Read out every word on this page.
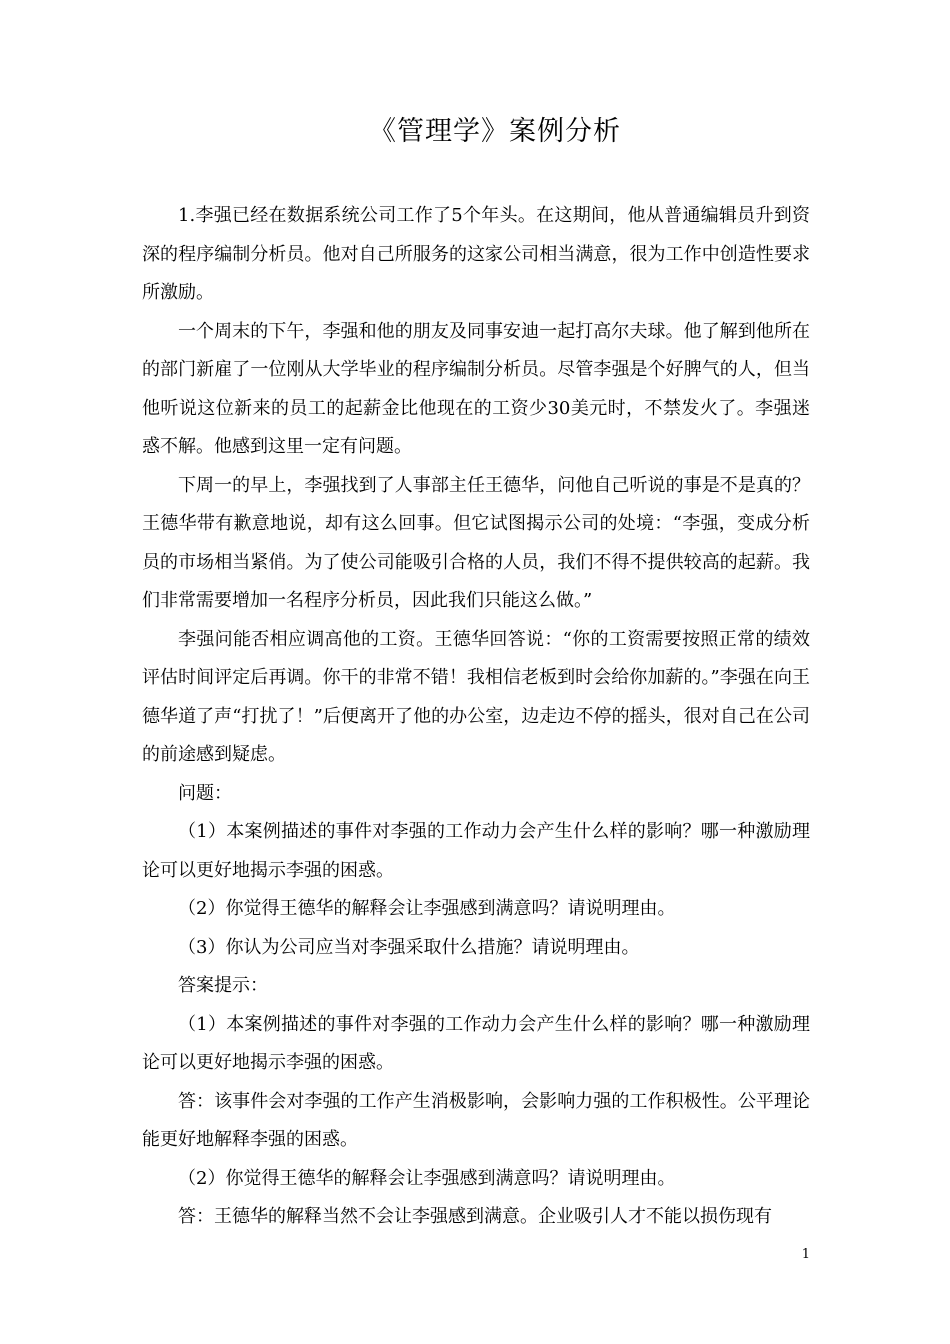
《管理学》案例分析

1.李强已经在数据系统公司工作了5个年头。在这期间，他从普通编辑员升到资深的程序编制分析员。他对自己所服务的这家公司相当满意，很为工作中创造性要求所激励。

一个周末的下午，李强和他的朋友及同事安迪一起打高尔夫球。他了解到他所在的部门新雇了一位刚从大学毕业的程序编制分析员。尽管李强是个好脾气的人，但当他听说这位新来的员工的起薪金比他现在的工资少30美元时，不禁发火了。李强迷惑不解。他感到这里一定有问题。

下周一的早上，李强找到了人事部主任王德华，问他自己听说的事是不是真的？王德华带有歉意地说，却有这么回事。但它试图揭示公司的处境：“李强，变成分析员的市场相当紧俏。为了使公司能吸引合格的人员，我们不得不提供较高的起薪。我们非常需要增加一名程序分析员，因此我们只能这么做。”

李强问能否相应调高他的工资。王德华回答说：“你的工资需要按照正常的绩效评估时间评定后再调。你干的非常不错！我相信老板到时会给你加薪的。”李强在向王德华道了声“打扰了！”后便离开了他的办公室，边走边不停的摇头，很对自己在公司的前途感到疑虑。

问题：

（1）本案例描述的事件对李强的工作动力会产生什么样的影响？哪一种激励理论可以更好地揭示李强的困惑。

（2）你觉得王德华的解释会让李强感到满意吗？请说明理由。

（3）你认为公司应当对李强采取什么措施？请说明理由。

答案提示：

（1）本案例描述的事件对李强的工作动力会产生什么样的影响？哪一种激励理论可以更好地揭示李强的困惑。

答：该事件会对李强的工作产生消极影响，会影响力强的工作积极性。公平理论能更好地解释李强的困惑。

（2）你觉得王德华的解释会让李强感到满意吗？请说明理由。

答：王德华的解释当然不会让李强感到满意。企业吸引人才不能以损伤现有

1
